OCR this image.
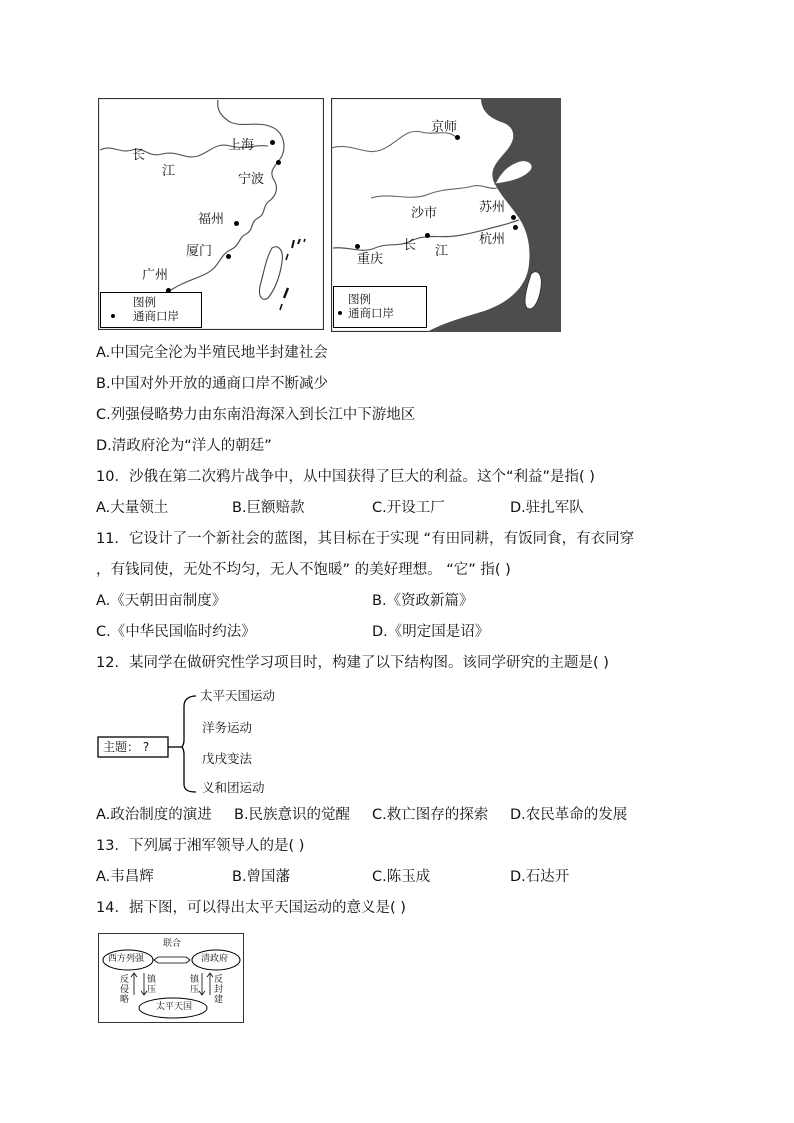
上海
长
江
宁波
福州
厦门
广州
图例
通商口岸
京师
沙市	苏州
长 江
杭州
重庆
图例
通商口岸
A.中国完全沦为半殖民地半封建社会
B.中国对外开放的通商口岸不断减少
C.列强侵略势力由东南沿海深入到长江中下游地区
D.清政府沦为“洋人的朝廷”
10．沙俄在第二次鸦片战争中，从中国获得了巨大的利益。这个“利益”是指( )
A.大量领土	B.巨额赔款	C.开设工厂	D.驻扎军队
11．它设计了一个新社会的蓝图，其目标在于实现 “有田同耕，有饭同食，有衣同穿
，有钱同使，无处不均匀，无人不饱暖” 的美好理想。 “它” 指( )
A.《天朝田亩制度》	B.《资政新篇》
C.《中华民国临时约法》	D.《明定国是诏》
12．某同学在做研究性学习项目时，构建了以下结构图。该同学研究的主题是( )
主题： ?
太平天国运动
洋务运动
戊戌变法
义和团运动
A.政治制度的演进 B.民族意识的觉醒 C.救亡图存的探索 D.农民革命的发展
13．下列属于湘军领导人的是( )
A.韦昌辉	B.曾国藩	C.陈玉成	D.石达开
14．据下图，可以得出太平天国运动的意义是( )
西方列强	清政府
太平天国
联合
反侵略
镇压
镇压
反封建
